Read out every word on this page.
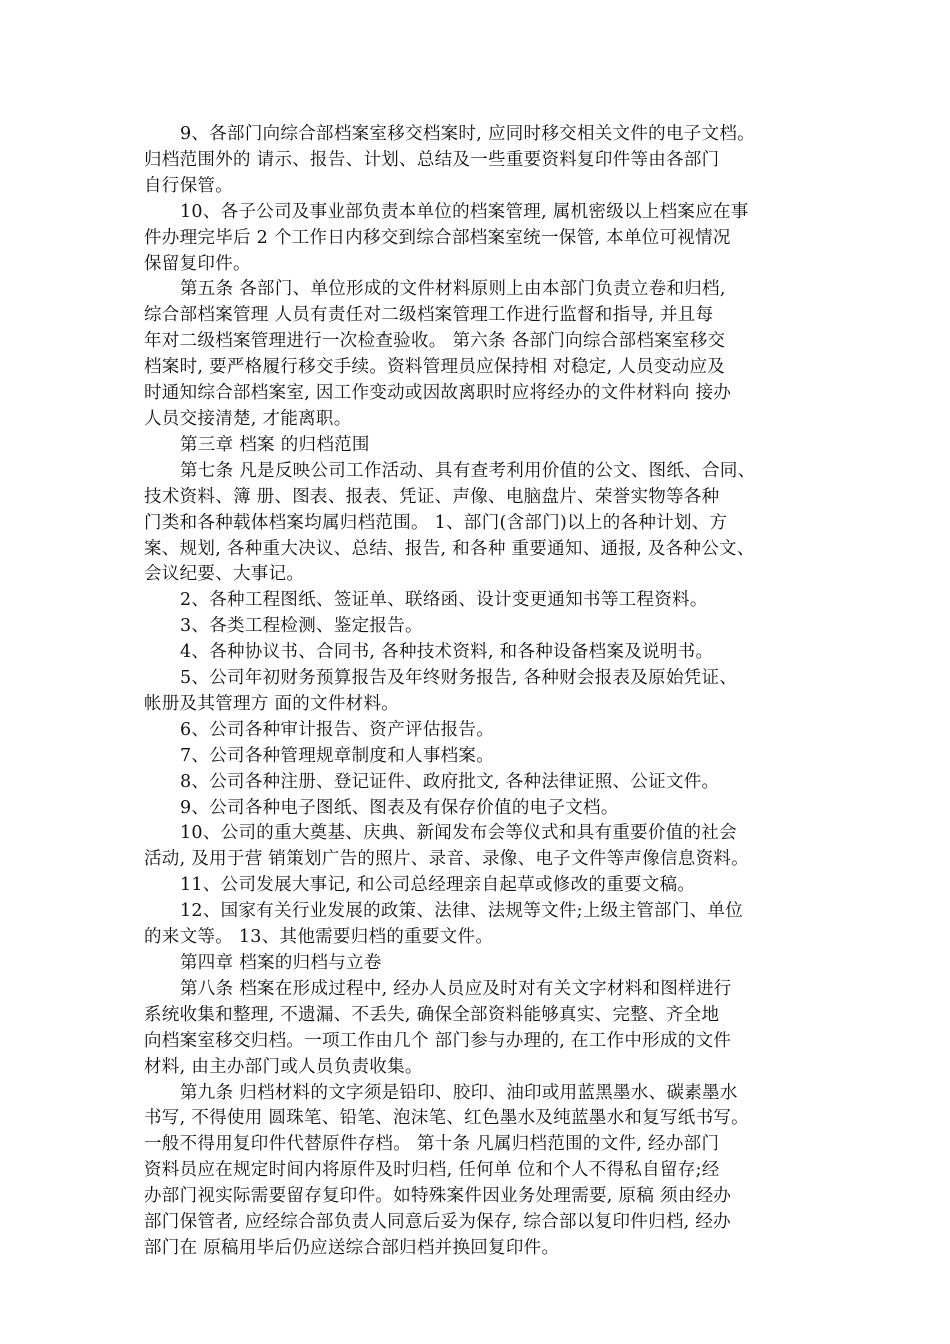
9、各部门向综合部档案室移交档案时, 应同时移交相关文件的电子文档。
归档范围外的 请示、报告、计划、总结及一些重要资料复印件等由各部门
自行保管。
10、各子公司及事业部负责本单位的档案管理, 属机密级以上档案应在事
件办理完毕后 2 个工作日内移交到综合部档案室统一保管, 本单位可视情况
保留复印件。
第五条 各部门、单位形成的文件材料原则上由本部门负责立卷和归档,
综合部档案管理 人员有责任对二级档案管理工作进行监督和指导, 并且每
年对二级档案管理进行一次检查验收。 第六条 各部门向综合部档案室移交
档案时, 要严格履行移交手续。资料管理员应保持相 对稳定, 人员变动应及
时通知综合部档案室, 因工作变动或因故离职时应将经办的文件材料向 接办
人员交接清楚, 才能离职。
第三章 档案 的归档范围
第七条 凡是反映公司工作活动、具有查考利用价值的公文、图纸、合同、
技术资料、簿 册、图表、报表、凭证、声像、电脑盘片、荣誉实物等各种
门类和各种载体档案均属归档范围。 1、部门(含部门)以上的各种计划、方
案、规划, 各种重大决议、总结、报告, 和各种 重要通知、通报, 及各种公文、
会议纪要、大事记。
2、各种工程图纸、签证单、联络函、设计变更通知书等工程资料。
3、各类工程检测、鉴定报告。
4、各种协议书、合同书, 各种技术资料, 和各种设备档案及说明书。
5、公司年初财务预算报告及年终财务报告, 各种财会报表及原始凭证、
帐册及其管理方 面的文件材料。
6、公司各种审计报告、资产评估报告。
7、公司各种管理规章制度和人事档案。
8、公司各种注册、登记证件、政府批文, 各种法律证照、公证文件。
9、公司各种电子图纸、图表及有保存价值的电子文档。
10、公司的重大奠基、庆典、新闻发布会等仪式和具有重要价值的社会
活动, 及用于营 销策划广告的照片、录音、录像、电子文件等声像信息资料。
11、公司发展大事记, 和公司总经理亲自起草或修改的重要文稿。
12、国家有关行业发展的政策、法律、法规等文件;上级主管部门、单位
的来文等。 13、其他需要归档的重要文件。
第四章 档案的归档与立卷
第八条 档案在形成过程中, 经办人员应及时对有关文字材料和图样进行
系统收集和整理, 不遗漏、不丢失, 确保全部资料能够真实、完整、齐全地
向档案室移交归档。一项工作由几个 部门参与办理的, 在工作中形成的文件
材料, 由主办部门或人员负责收集。
第九条 归档材料的文字须是铅印、胶印、油印或用蓝黑墨水、碳素墨水
书写, 不得使用 圆珠笔、铅笔、泡沫笔、红色墨水及纯蓝墨水和复写纸书写。
一般不得用复印件代替原件存档。 第十条 凡属归档范围的文件, 经办部门
资料员应在规定时间内将原件及时归档, 任何单 位和个人不得私自留存;经
办部门视实际需要留存复印件。如特殊案件因业务处理需要, 原稿 须由经办
部门保管者, 应经综合部负责人同意后妥为保存, 综合部以复印件归档, 经办
部门在 原稿用毕后仍应送综合部归档并换回复印件。
